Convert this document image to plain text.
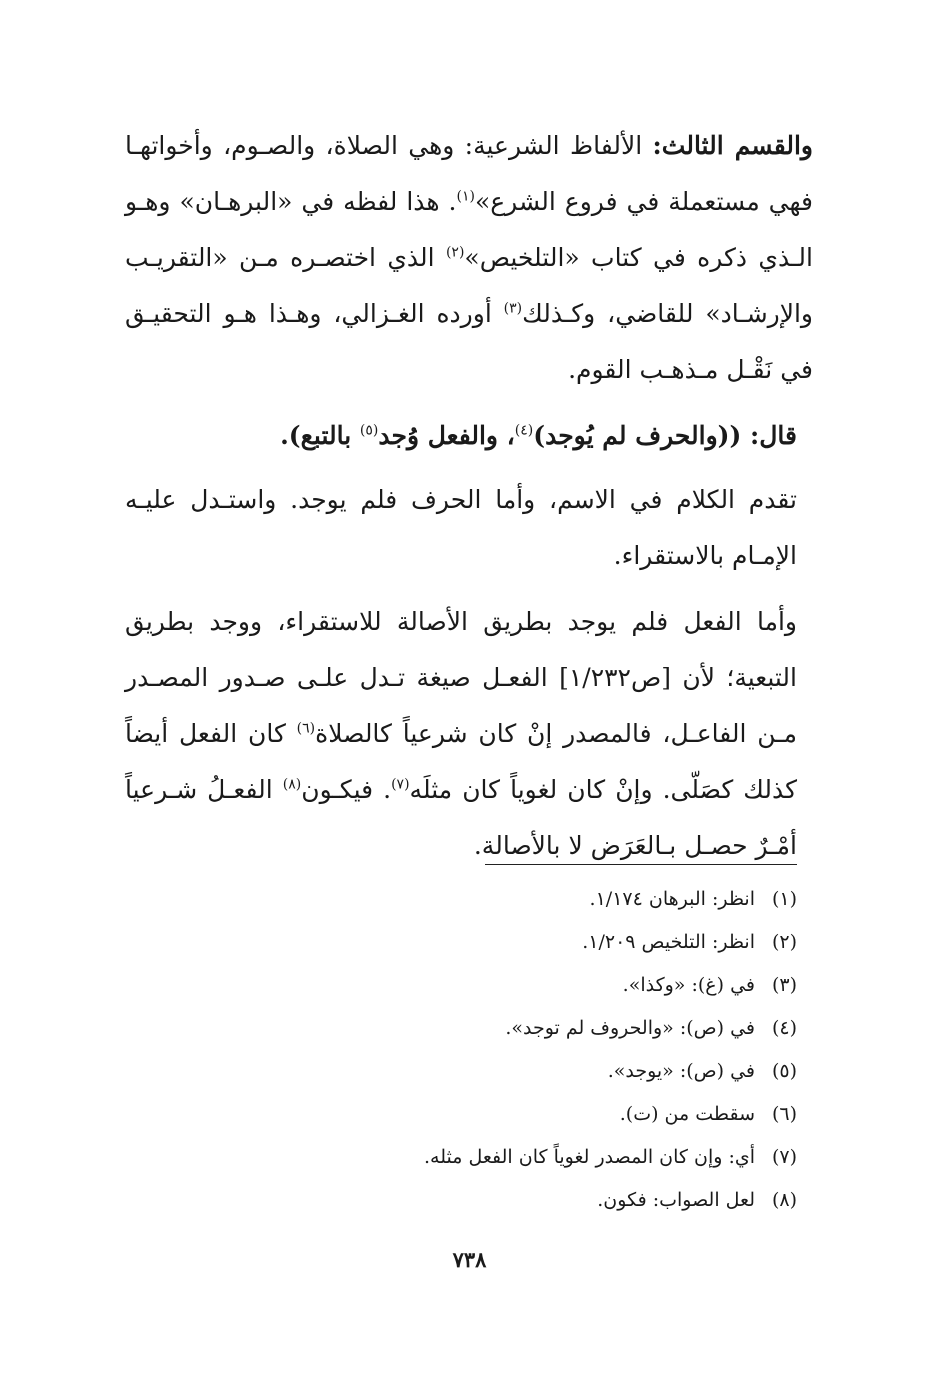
والقسم الثالث: الألفاظ الشرعية: وهي الصلاة، والصـوم، وأخواتهـا فهي مستعملة في فروع الشرع»$^{(١)}$. هذا لفظه في «البرهـان» وهـو الـذي ذكره في كتاب «التلخيص»$^{(٢)}$ الذي اختصـره مـن «التقريـب والإرشـاد» للقاضي، وكـذلك$^{(٣)}$ أورده الغـزالي، وهـذا هـو التحقيـق في نَقْـل مـذهـب القوم.

قال: ((والحرف لم يُوجد)$^{(٤)}$، والفعل وُجد$^{(٥)}$ بالتبع).

تقدم الكلام في الاسم، وأما الحرف فلم يوجد. واستـدل عليـه الإمـام بالاستقراء.

وأما الفعل فلم يوجد بطريق الأصالة للاستقراء، ووجد بطريق التبعية؛ لأن [ص١/٢٣٢] الفعـل صيغة تـدل علـى صـدور المصـدر مـن الفاعـل، فالمصدر إنْ كان شرعياً كالصلاة$^{(٦)}$ كان الفعل أيضاً كذلك كصَلّى. وإنْ كان لغوياً كان مثلَه$^{(٧)}$. فيكـون$^{(٨)}$ الفعـلُ شـرعياً أمْـرٌ حصـل بـالعَرَض لا بالأصالة.

(١)انظر: البرهان ١/١٧٤.
(٢)انظر: التلخيص ١/٢٠٩.
(٣)في (غ): «وكذا».
(٤)في (ص): «والحروف لم توجد».
(٥)في (ص): «يوجد».
(٦)سقطت من (ت).
(٧)أي: وإن كان المصدر لغوياً كان الفعل مثله.
(٨)لعل الصواب: فكون.
٧٣٨
